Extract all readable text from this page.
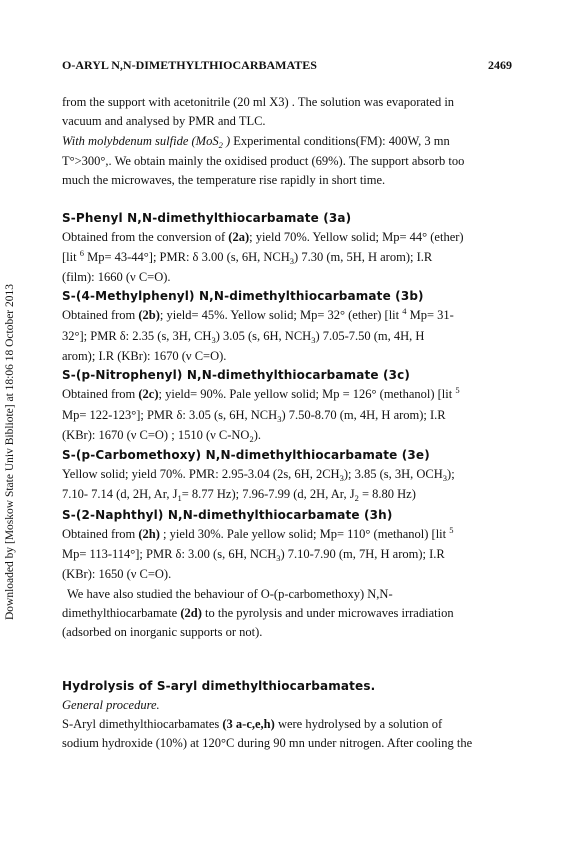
O-ARYL N,N-DIMETHYLTHIOCARBAMATES	2469
Downloaded by [Moskow State Univ Bibliote] at 18:06 18 October 2013

from the support with acetonitrile (20 ml X3) . The solution was evaporated in

vacuum and analysed by PMR and TLC.

With molybdenum sulfide (MoS$_2$ ) Experimental conditions(FM): 400W, 3 mn

T°>300°,. We obtain mainly the oxidised product (69%). The support absorb too

much the microwaves, the temperature rise rapidly in short time.

S-Phenyl N,N-dimethylthiocarbamate (3a)

Obtained from the conversion of (2a); yield 70%. Yellow solid; Mp= 44° (ether)

[lit $^6$ Mp= 43-44°]; PMR: δ 3.00 (s, 6H, $NCH_3$) 7.30 (m, 5H, H arom); I.R

(film): 1660 (ν C=O).

S-(4-Methylphenyl) N,N-dimethylthiocarbamate (3b)

Obtained from (2b); yield= 45%. Yellow solid; Mp= 32° (ether) [lit $^4$ Mp= 31-

32°]; PMR δ: 2.35 (s, 3H, $CH_3$) 3.05 (s, 6H, $NCH_3$) 7.05-7.50 (m, 4H, H

arom); I.R (KBr): 1670 (ν C=O).

S-(p-Nitrophenyl) N,N-dimethylthiocarbamate (3c)

Obtained from (2c); yield= 90%. Pale yellow solid; Mp = 126° (methanol) [lit $^5$

Mp= 122-123°]; PMR δ: 3.05 (s, 6H, $NCH_3$) 7.50-8.70 (m, 4H, H arom); I.R

(KBr): 1670 (ν C=O) ; 1510 (ν $C-NO_2$).

S-(p-Carbomethoxy) N,N-dimethylthiocarbamate (3e)

Yellow solid; yield 70%. PMR: 2.95-3.04 (2s, 6H, $2CH_3$); 3.85 (s, 3H, $OCH_3$);

7.10- 7.14 (d, 2H, Ar, $J_1= 8.77$ Hz); 7.96-7.99 (d, 2H, Ar, $J_2 = 8.80$ Hz)

S-(2-Naphthyl) N,N-dimethylthiocarbamate (3h)

Obtained from (2h) ; yield 30%. Pale yellow solid; Mp= 110° (methanol) [lit $^5$

Mp= 113-114°]; PMR δ: 3.00 (s, 6H, $NCH_3$) 7.10-7.90 (m, 7H, H arom); I.R

(KBr): 1650 (ν C=O).

We have also studied the behaviour of O-(p-carbomethoxy) N,N-

dimethylthiocarbamate (2d) to the pyrolysis and under microwaves irradiation

(adsorbed on inorganic supports or not).

Hydrolysis of S-aryl dimethylthiocarbamates.

General procedure.

S-Aryl dimethylthiocarbamates (3 a-c,e,h) were hydrolysed by a solution of

sodium hydroxide (10%) at 120°C during 90 mn under nitrogen. After cooling the
